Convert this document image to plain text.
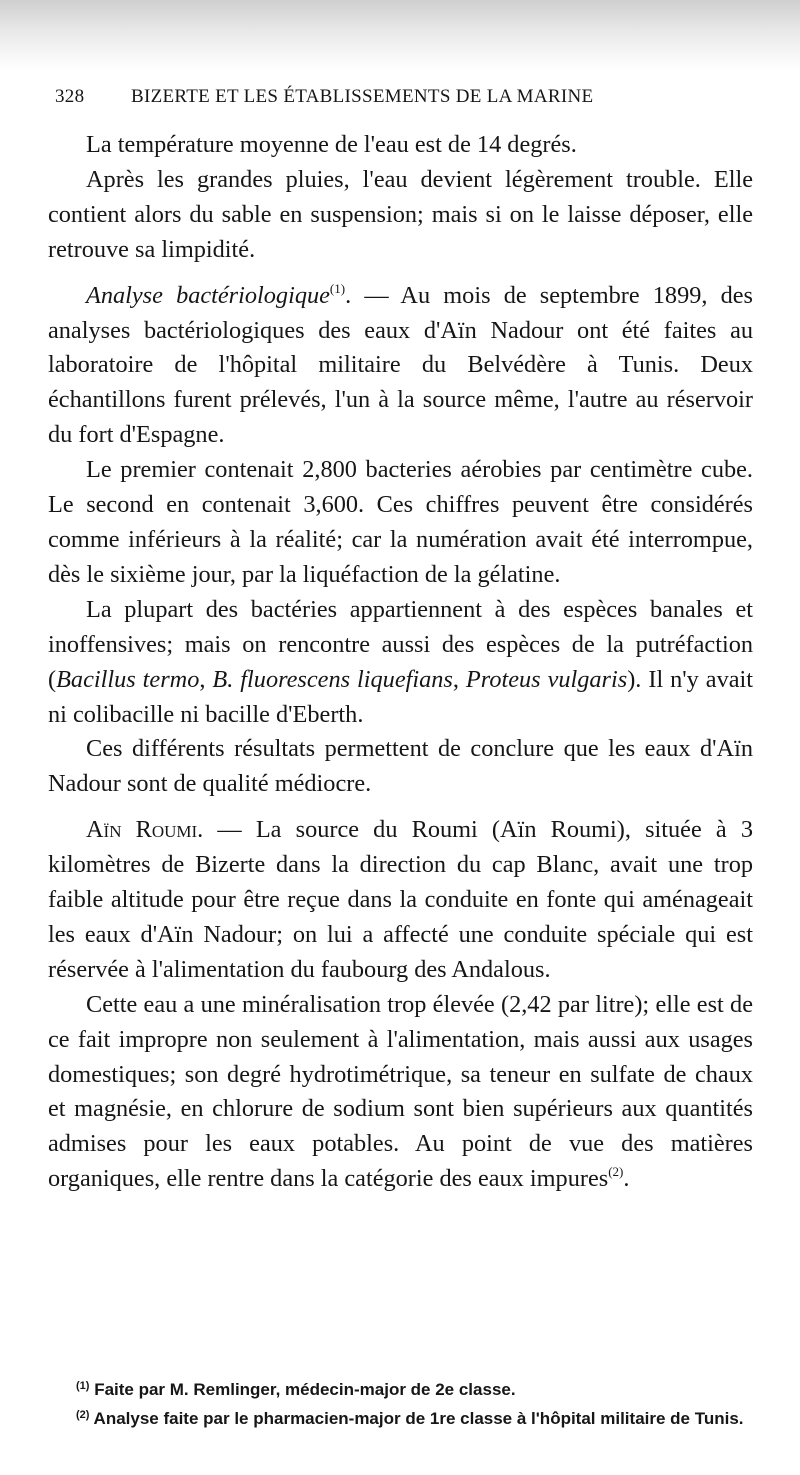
328 BIZERTE ET LES ÉTABLISSEMENTS DE LA MARINE

La température moyenne de l'eau est de 14 degrés.

Après les grandes pluies, l'eau devient légèrement trouble. Elle contient alors du sable en suspension; mais si on le laisse déposer, elle retrouve sa limpidité.

Analyse bactériologique$^{(1)}$. — Au mois de septembre 1899, des analyses bactériologiques des eaux d'Aïn Nadour ont été faites au laboratoire de l'hôpital militaire du Belvédère à Tunis. Deux échantillons furent prélevés, l'un à la source même, l'autre au réservoir du fort d'Espagne.

Le premier contenait 2,800 bacteries aérobies par centimètre cube. Le second en contenait 3,600. Ces chiffres peuvent être considérés comme inférieurs à la réalité; car la numération avait été interrompue, dès le sixième jour, par la liquéfaction de la gélatine.

La plupart des bactéries appartiennent à des espèces banales et inoffensives; mais on rencontre aussi des espèces de la putréfaction (Bacillus termo, B. fluorescens liquefians, Proteus vulgaris). Il n'y avait ni colibacille ni bacille d'Eberth.

Ces différents résultats permettent de conclure que les eaux d'Aïn Nadour sont de qualité médiocre.

Aïn Roumi. — La source du Roumi (Aïn Roumi), située à 3 kilomètres de Bizerte dans la direction du cap Blanc, avait une trop faible altitude pour être reçue dans la conduite en fonte qui aménageait les eaux d'Aïn Nadour; on lui a affecté une conduite spéciale qui est réservée à l'alimentation du faubourg des Andalous.

Cette eau a une minéralisation trop élevée (2,42 par litre); elle est de ce fait impropre non seulement à l'alimentation, mais aussi aux usages domestiques; son degré hydrotimétrique, sa teneur en sulfate de chaux et magnésie, en chlorure de sodium sont bien supérieurs aux quantités admises pour les eaux potables. Au point de vue des matières organiques, elle rentre dans la catégorie des eaux impures$^{(2)}$.

$^{(1)}$ Faite par M. Remlinger, médecin-major de 2e classe.

$^{(2)}$ Analyse faite par le pharmacien-major de 1re classe à l'hôpital militaire de Tunis.
